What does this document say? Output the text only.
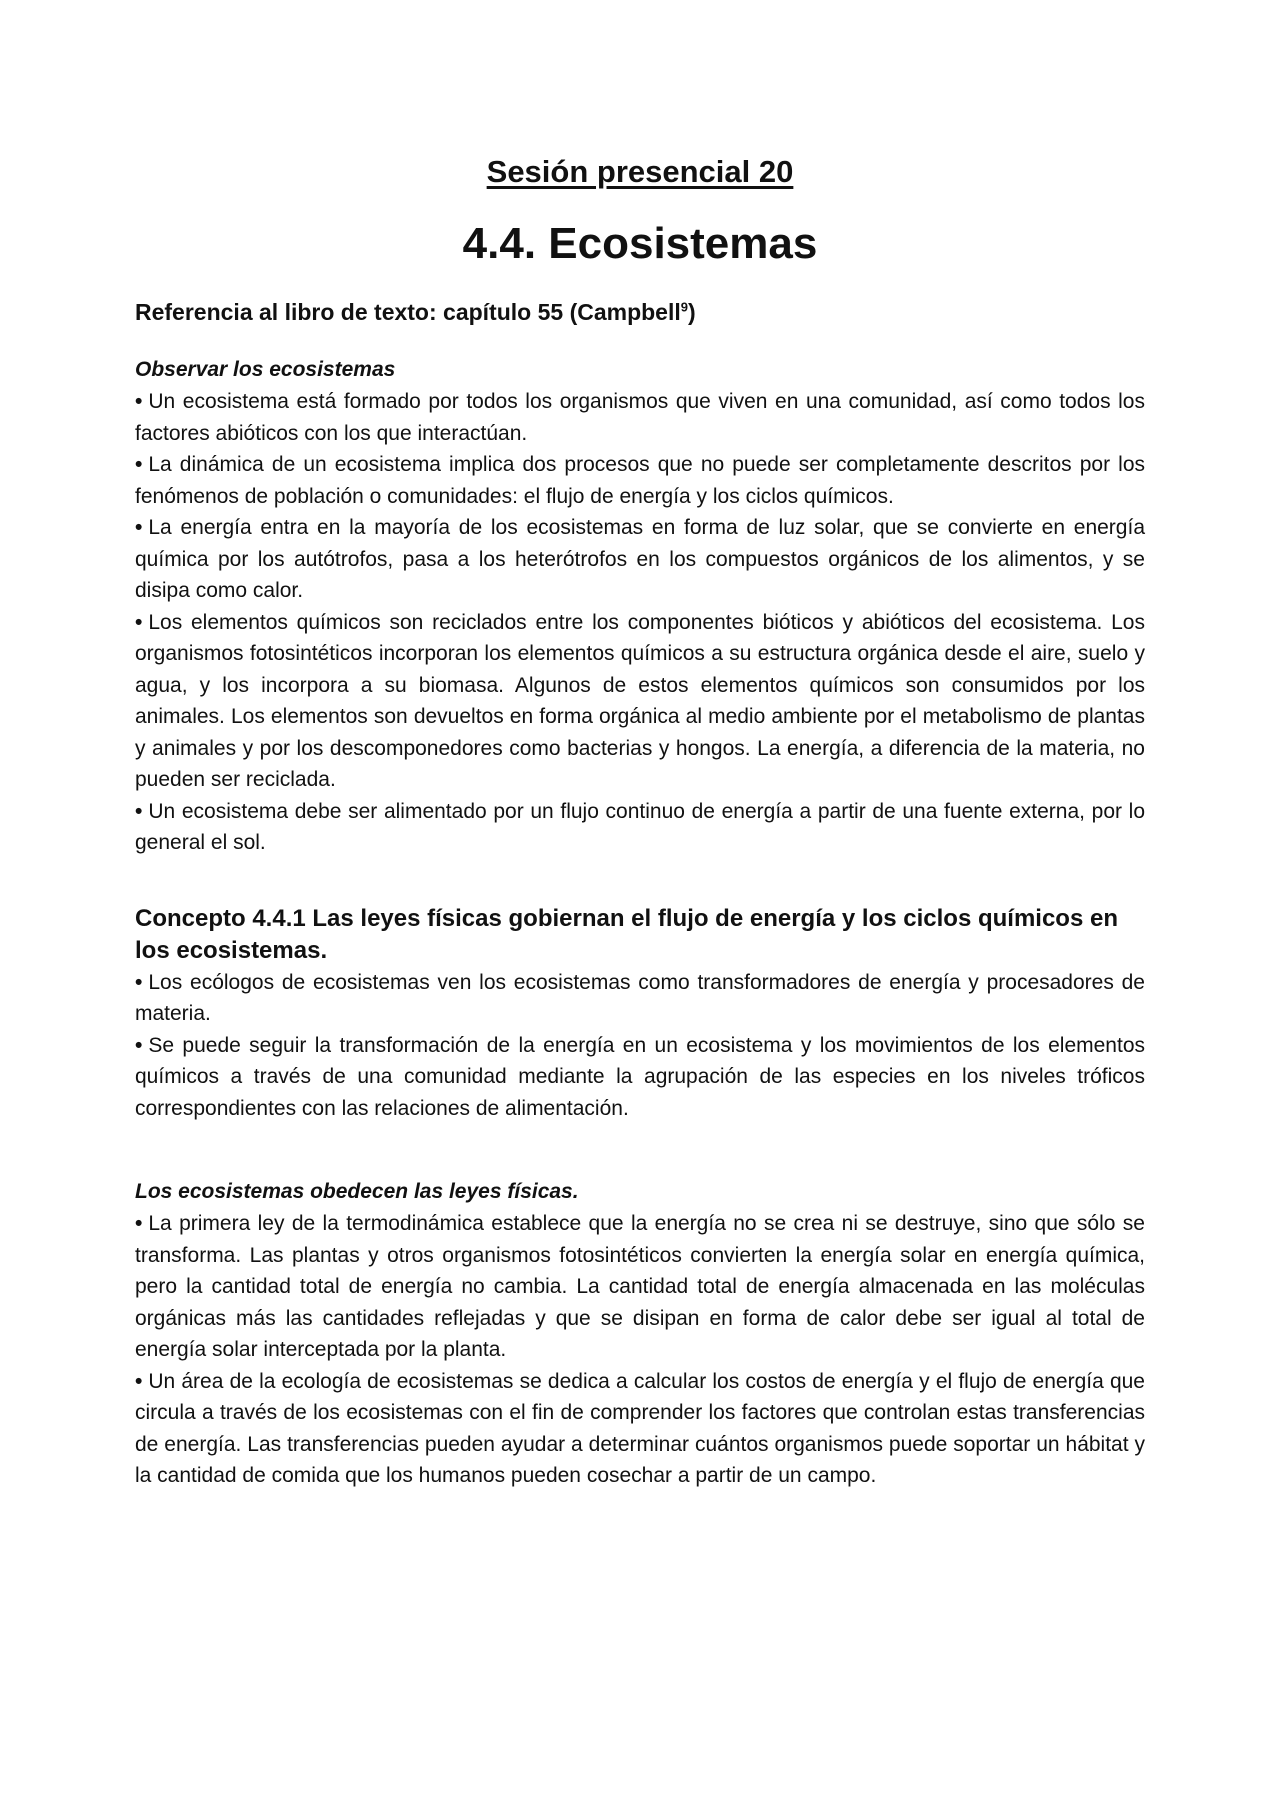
Sesión presencial 20
4.4. Ecosistemas

Referencia al libro de texto: capítulo 55 (Campbell$^9$)

Observar los ecosistemas

• Un ecosistema está formado por todos los organismos que viven en una comunidad, así como todos los factores abióticos con los que interactúan.

• La dinámica de un ecosistema implica dos procesos que no puede ser completamente descritos por los fenómenos de población o comunidades: el flujo de energía y los ciclos químicos.

• La energía entra en la mayoría de los ecosistemas en forma de luz solar, que se convierte en energía química por los autótrofos, pasa a los heterótrofos en los compuestos orgánicos de los alimentos, y se disipa como calor.

• Los elementos químicos son reciclados entre los componentes bióticos y abióticos del ecosistema. Los organismos fotosintéticos incorporan los elementos químicos a su estructura orgánica desde el aire, suelo y agua, y los incorpora a su biomasa. Algunos de estos elementos químicos son consumidos por los animales. Los elementos son devueltos en forma orgánica al medio ambiente por el metabolismo de plantas y animales y por los descomponedores como bacterias y hongos. La energía, a diferencia de la materia, no pueden ser reciclada.

• Un ecosistema debe ser alimentado por un flujo continuo de energía a partir de una fuente externa, por lo general el sol.

Concepto 4.4.1 Las leyes físicas gobiernan el flujo de energía y los ciclos químicos en los ecosistemas.

• Los ecólogos de ecosistemas ven los ecosistemas como transformadores de energía y procesadores de materia.

• Se puede seguir la transformación de la energía en un ecosistema y los movimientos de los elementos químicos a través de una comunidad mediante la agrupación de las especies en los niveles tróficos correspondientes con las relaciones de alimentación.

Los ecosistemas obedecen las leyes físicas.

• La primera ley de la termodinámica establece que la energía no se crea ni se destruye, sino que sólo se transforma. Las plantas y otros organismos fotosintéticos convierten la energía solar en energía química, pero la cantidad total de energía no cambia. La cantidad total de energía almacenada en las moléculas orgánicas más las cantidades reflejadas y que se disipan en forma de calor debe ser igual al total de energía solar interceptada por la planta.

• Un área de la ecología de ecosistemas se dedica a calcular los costos de energía y el flujo de energía que circula a través de los ecosistemas con el fin de comprender los factores que controlan estas transferencias de energía. Las transferencias pueden ayudar a determinar cuántos organismos puede soportar un hábitat y la cantidad de comida que los humanos pueden cosechar a partir de un campo.
